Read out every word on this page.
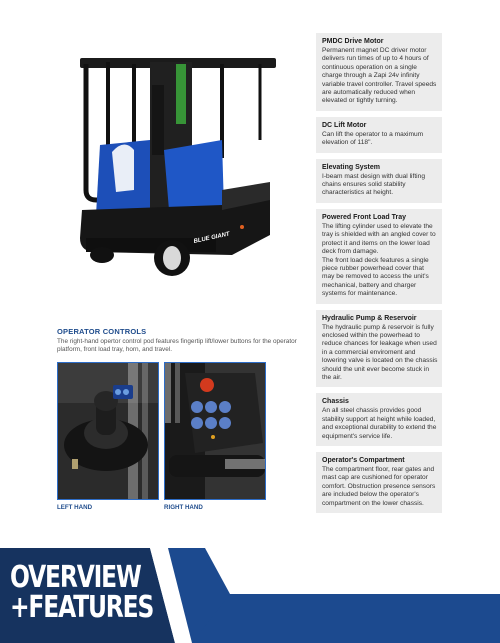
BLUE GIANT
PMDC Drive Motor

Permanent magnet DC driver motor delivers run times of up to 4 hours of continuous operation on a single charge through a Zapi 24v infinity variable travel controller. Travel speeds are automatically reduced when elevated or tightly turning.

DC Lift Motor

Can lift the operator to a maximum elevation of 118".

Elevating System

I-beam mast design with dual lifting chains ensures solid stability characteristics at height.

Powered Front Load Tray

The lifting cylinder used to elevate the tray is shielded with an angled cover to protect it and items on the lower load deck from damage.
The front load deck features a single piece rubber powerhead cover that may be removed to access the unit's mechanical, battery and charger systems for maintenance.

Hydraulic Pump & Reservoir

The hydraulic pump & reservoir is fully enclosed within the powerhead to reduce chances for leakage when used in a commercial enviroment and lowering valve is located on the chassis should the unit ever become stuck in the air.

Chassis

An all steel chassis provides good stability support at height while loaded, and exceptional durability to extend the equipment's service life.

Operator's Compartment

The compartment floor, rear gates and mast cap are cushioned for operator comfort. Obstruction presence sensors are included below the operator's compartment on the lower chassis.

OPERATOR CONTROLS
The right-hand opertor control pod features fingertip lift/lower buttons for the operator platform, front load tray, horn, and travel.
LEFT HAND	RIGHT HAND
OVERVIEW
+FEATURES
